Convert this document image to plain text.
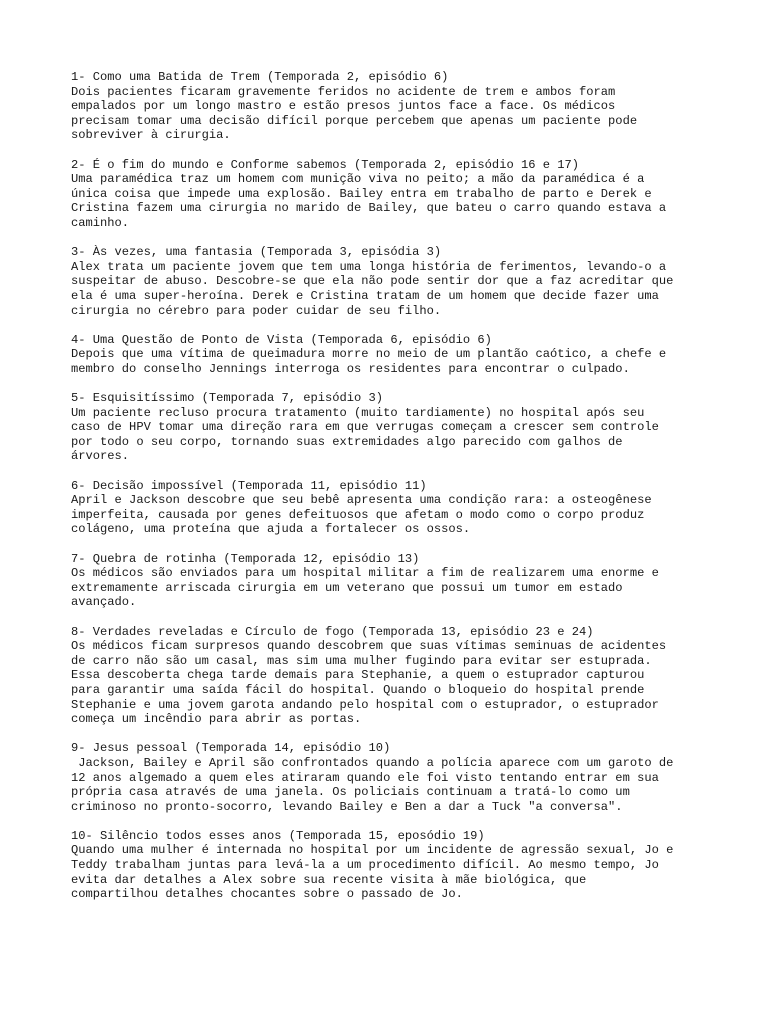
1- Como uma Batida de Trem (Temporada 2, episódio 6)
Dois pacientes ficaram gravemente feridos no acidente de trem e ambos foram
empalados por um longo mastro e estão presos juntos face a face. Os médicos
precisam tomar uma decisão difícil porque percebem que apenas um paciente pode
sobreviver à cirurgia.
2- É o fim do mundo e Conforme sabemos (Temporada 2, episódio 16 e 17)
Uma paramédica traz um homem com munição viva no peito; a mão da paramédica é a
única coisa que impede uma explosão. Bailey entra em trabalho de parto e Derek e
Cristina fazem uma cirurgia no marido de Bailey, que bateu o carro quando estava a
caminho.
3- Às vezes, uma fantasia (Temporada 3, episódia 3)
Alex trata um paciente jovem que tem uma longa história de ferimentos, levando-o a
suspeitar de abuso. Descobre-se que ela não pode sentir dor que a faz acreditar que
ela é uma super-heroína. Derek e Cristina tratam de um homem que decide fazer uma
cirurgia no cérebro para poder cuidar de seu filho.
4- Uma Questão de Ponto de Vista (Temporada 6, episódio 6)
Depois que uma vítima de queimadura morre no meio de um plantão caótico, a chefe e
membro do conselho Jennings interroga os residentes para encontrar o culpado.
5- Esquisitíssimo (Temporada 7, episódio 3)
Um paciente recluso procura tratamento (muito tardiamente) no hospital após seu
caso de HPV tomar uma direção rara em que verrugas começam a crescer sem controle
por todo o seu corpo, tornando suas extremidades algo parecido com galhos de
árvores.
6- Decisão impossível (Temporada 11, episódio 11)
April e Jackson descobre que seu bebê apresenta uma condição rara: a osteogênese
imperfeita, causada por genes defeituosos que afetam o modo como o corpo produz
colágeno, uma proteína que ajuda a fortalecer os ossos.
7- Quebra de rotinha (Temporada 12, episódio 13)
Os médicos são enviados para um hospital militar a fim de realizarem uma enorme e
extremamente arriscada cirurgia em um veterano que possui um tumor em estado
avançado.
8- Verdades reveladas e Círculo de fogo (Temporada 13, episódio 23 e 24)
Os médicos ficam surpresos quando descobrem que suas vítimas seminuas de acidentes
de carro não são um casal, mas sim uma mulher fugindo para evitar ser estuprada.
Essa descoberta chega tarde demais para Stephanie, a quem o estuprador capturou
para garantir uma saída fácil do hospital. Quando o bloqueio do hospital prende
Stephanie e uma jovem garota andando pelo hospital com o estuprador, o estuprador
começa um incêndio para abrir as portas.
9- Jesus pessoal (Temporada 14, episódio 10)
Jackson, Bailey e April são confrontados quando a polícia aparece com um garoto de
12 anos algemado a quem eles atiraram quando ele foi visto tentando entrar em sua
própria casa através de uma janela. Os policiais continuam a tratá-lo como um
criminoso no pronto-socorro, levando Bailey e Ben a dar a Tuck "a conversa".
10- Silêncio todos esses anos (Temporada 15, eposódio 19)
Quando uma mulher é internada no hospital por um incidente de agressão sexual, Jo e
Teddy trabalham juntas para levá-la a um procedimento difícil. Ao mesmo tempo, Jo
evita dar detalhes a Alex sobre sua recente visita à mãe biológica, que
compartilhou detalhes chocantes sobre o passado de Jo.
